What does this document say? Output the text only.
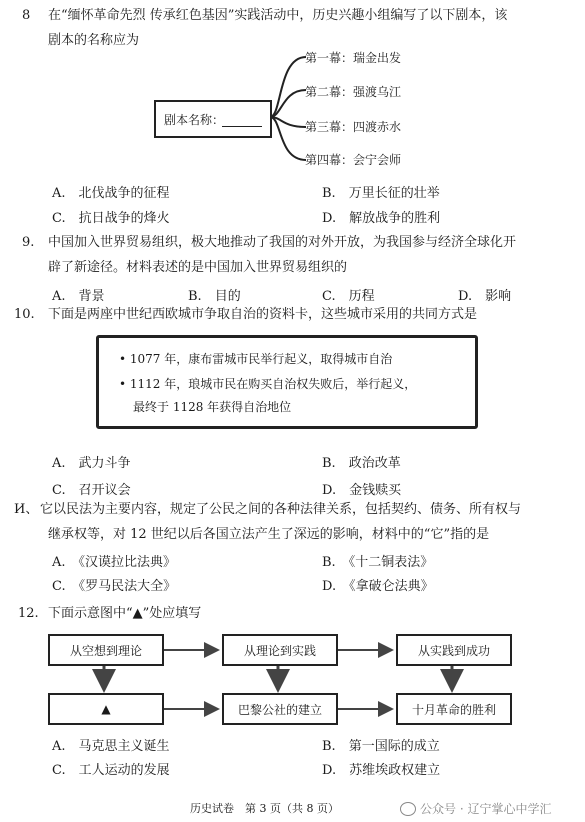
8 在“缅怀革命先烈 传承红色基因”实践活动中，历史兴趣小组编写了以下剧本，该
剧本的名称应为
剧本名称：
第一幕：瑞金出发
第二幕：强渡乌江
第三幕：四渡赤水
第四幕：会宁会师
A.　 北伐战争的征程	B.　 万里长征的壮举
C.　 抗日战争的烽火	D.　 解放战争的胜利
9. 中国加入世界贸易组织，极大地推动了我国的对外开放，为我国参与经济全球化开
辟了新途径。材料表述的是中国加入世界贸易组织的
A.　 背景	B.　 目的	C.　 历程	D.　 影响
10. 下面是两座中世纪西欧城市争取自治的资料卡，这些城市采用的共同方式是
• 1077 年，康布雷城市民举行起义，取得城市自治
• 1112 年，琅城市民在购买自治权失败后，举行起义，
最终于 1128 年获得自治地位
A.　 武力斗争	B.　 政治改革
C.　 召开议会	D.　 金钱赎买
И、 它以民法为主要内容，规定了公民之间的各种法律关系，包括契约、债务、所有权与
继承权等，对 12 世纪以后各国立法产生了深远的影响，材料中的“它”指的是
A.　 《汉谟拉比法典》	B.　 《十二铜表法》
C.　 《罗马民法大全》	D.　 《拿破仑法典》
12. 下面示意图中“▲”处应填写
从空想到理论	从理论到实践	从实践到成功
▲	巴黎公社的建立	十月革命的胜利
A.　 马克思主义诞生	B.　 第一国际的成立
C.　 工人运动的发展	D.　 苏维埃政权建立
历史试卷　第 3 页（共 8 页）	公众号 · 辽宁掌心中学汇
